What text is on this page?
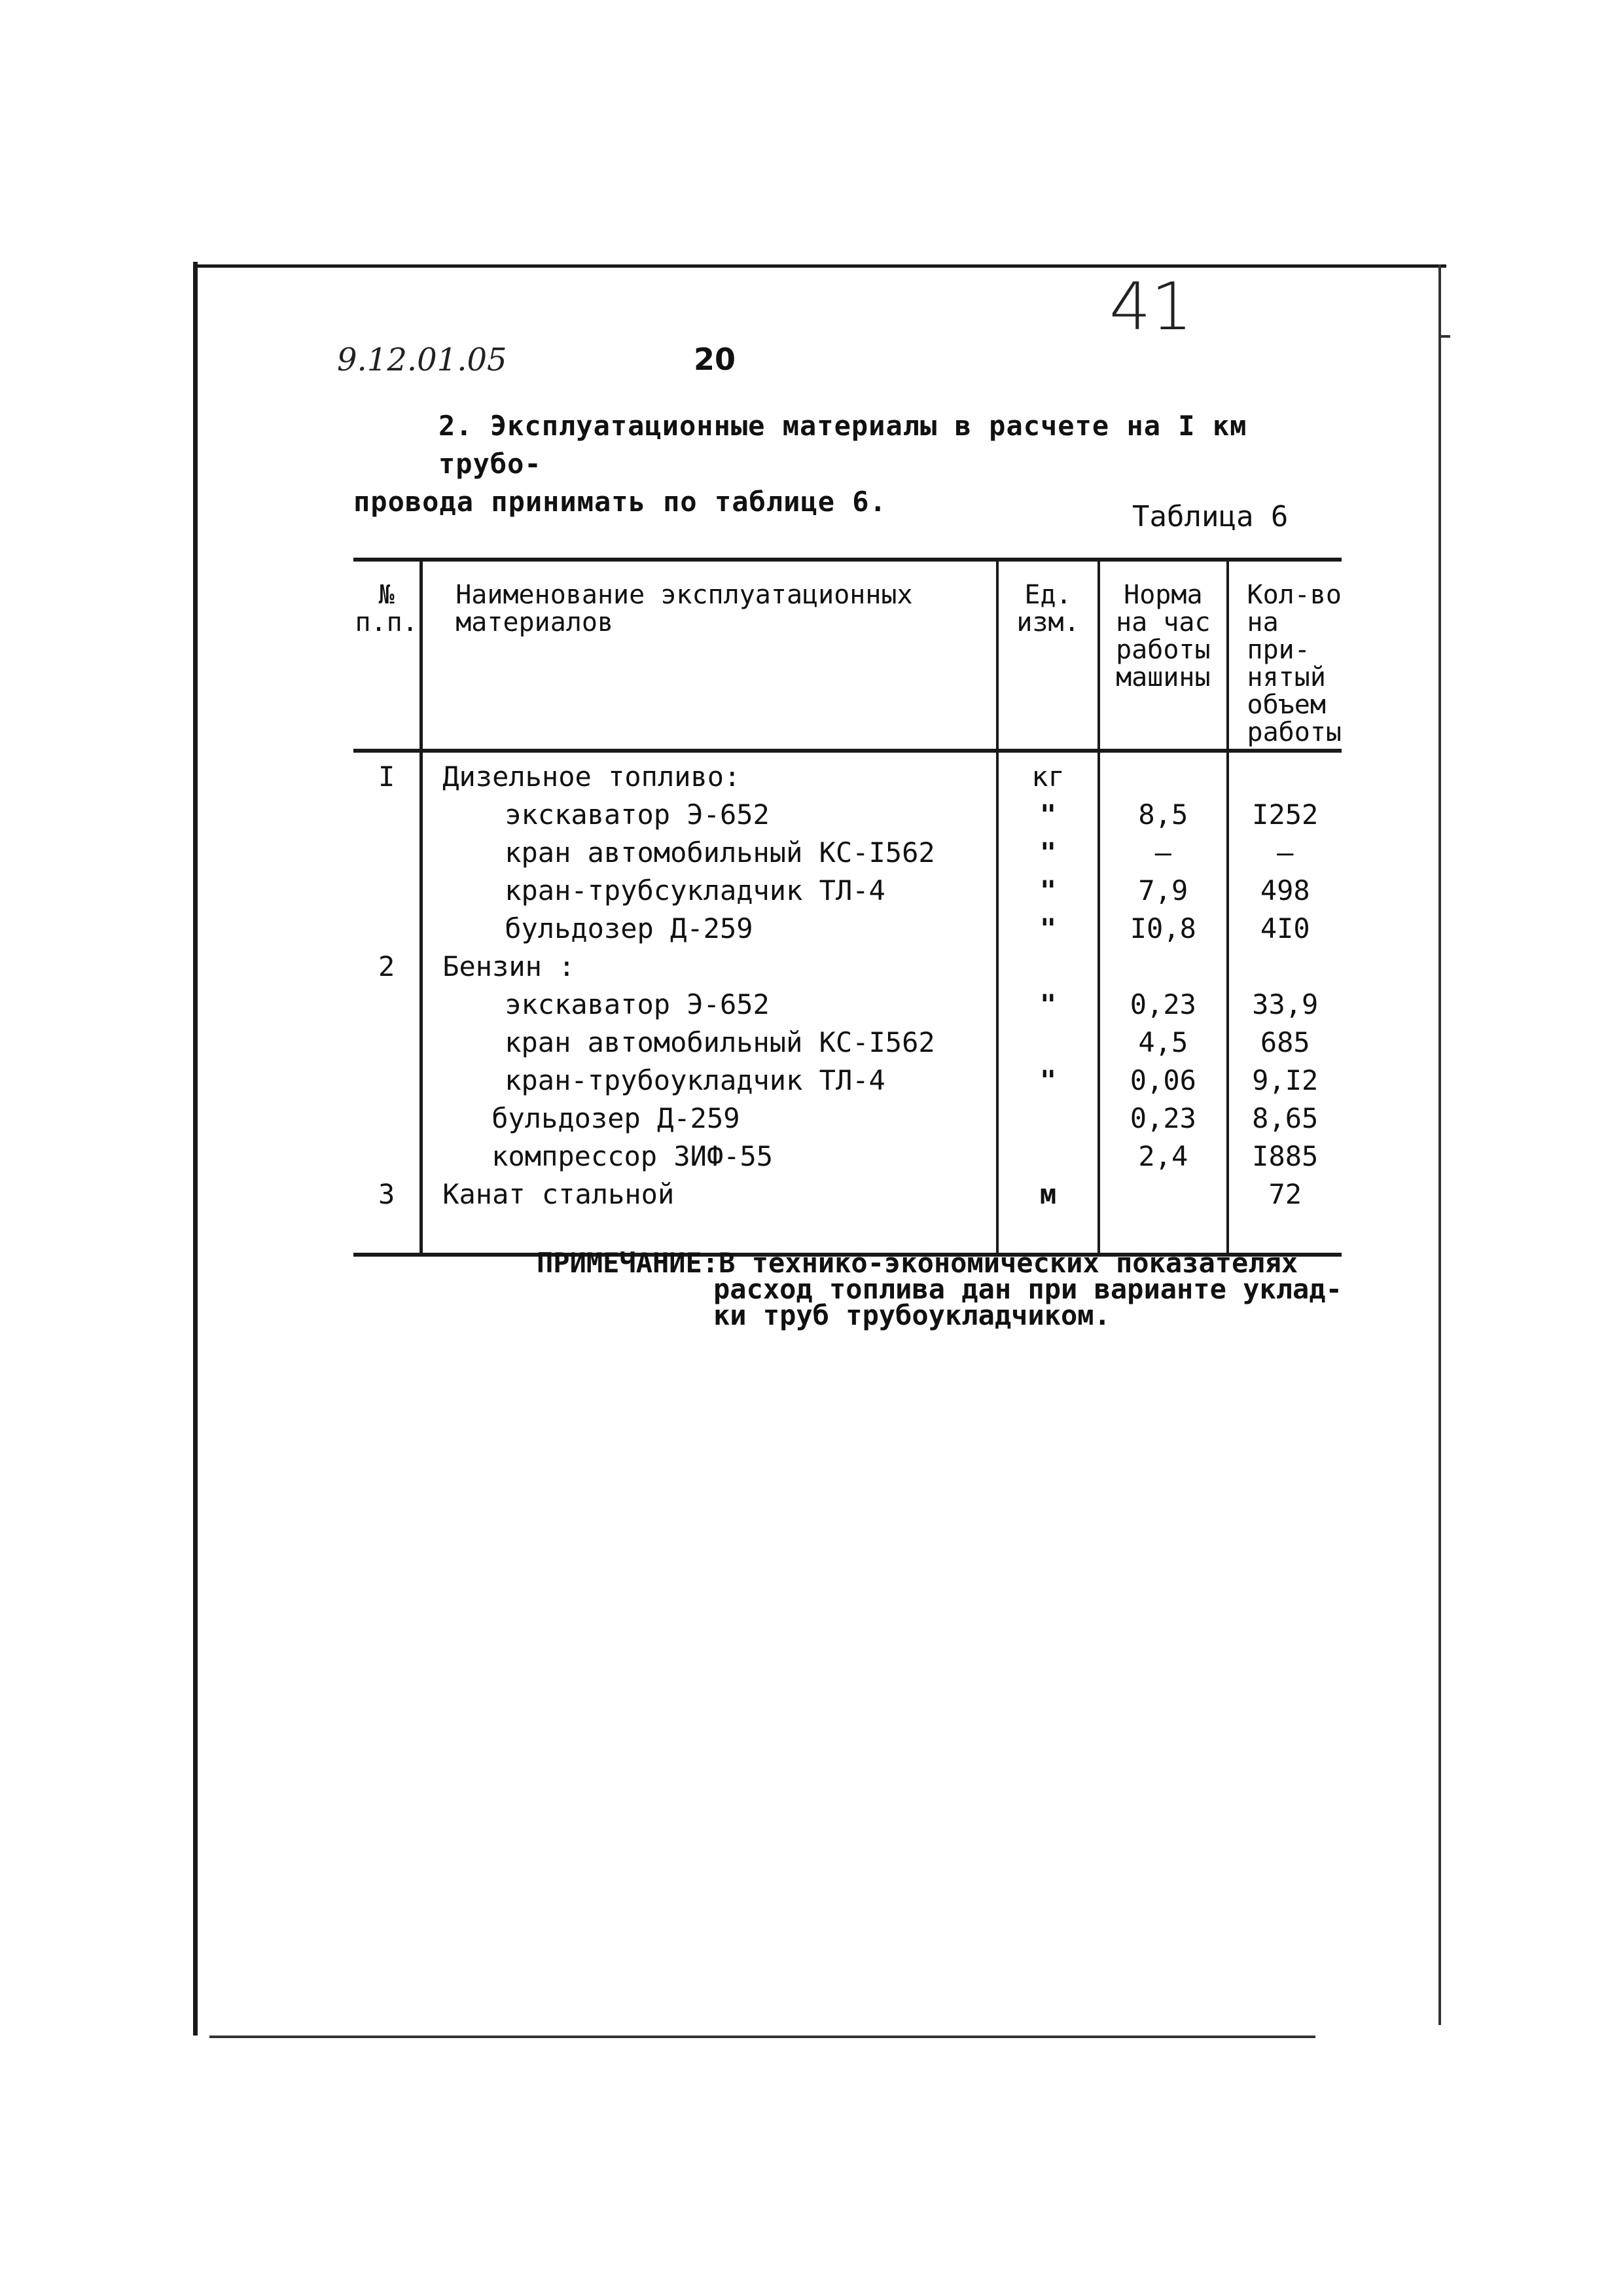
41
9.12.01.05	20

2. Эксплуатационные материалы в расчете на I км трубо-

провода принимать по таблице 6.	Таблица 6
№ п.п.	Наименование эксплуатационных материалов	Ед. изм.	Норма на час работы машины	Кол-во на при-нятый объем работы
I	Дизельное топливо:	кг		
	экскаватор Э-652	"	8,5	I252
	кран автомобильный КС-I562	"	–	–
	кран-трубсукладчик ТЛ-4	"	7,9	498
	бульдозер Д-259	"	I0,8	4I0
2	Бензин :			
	экскаватор Э-652	"	0,23	33,9
	кран автомобильный КС-I562		4,5	685
	кран-трубоукладчик ТЛ-4	"	0,06	9,I2
	бульдозер Д-259		0,23	8,65
	компрессор ЗИФ-55		2,4	I885
3	Канат стальной	м		72

ПРИМЕЧАНИЕ:В технико-экономических показателях

расход топлива дан при варианте уклад-

ки труб трубоукладчиком.
